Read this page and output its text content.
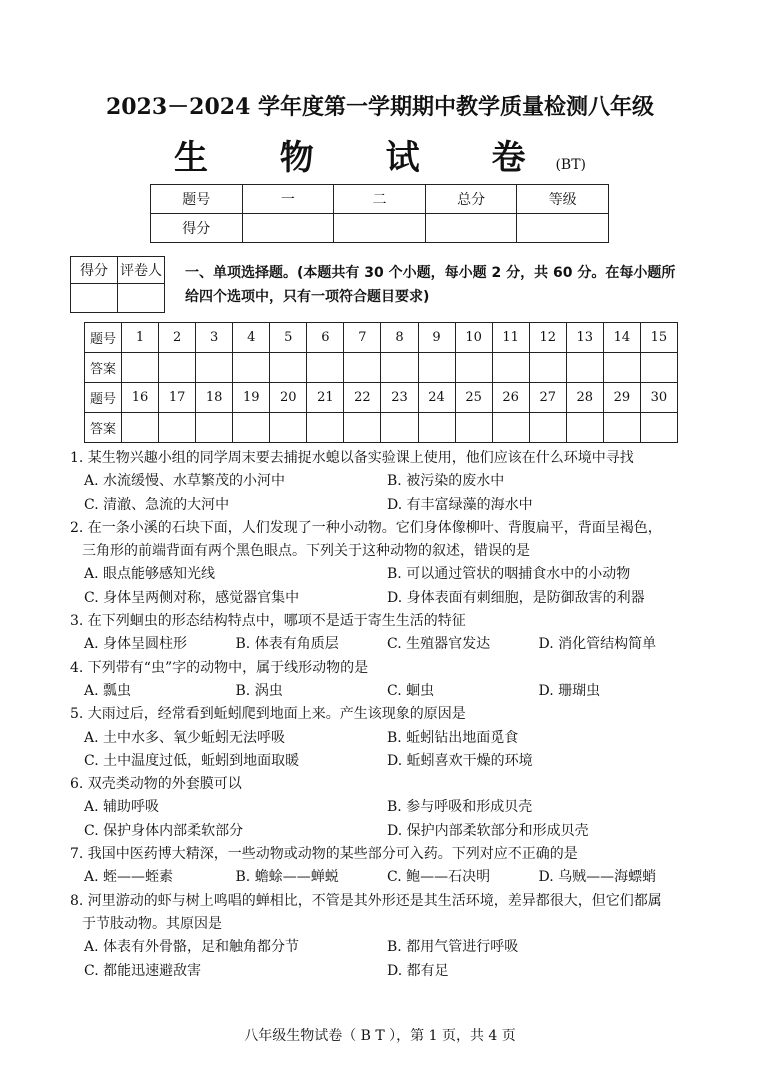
2023－2024 学年度第一学期期中教学质量检测八年级
生 物 试 卷(BT)
题号	一	二	总分	等级
得分				
得分	评卷人
	一、单项选择题。(本题共有 30 个小题，每小题 2 分，共 60 分。在每小题所
给四个选项中，只有一项符合题目要求)
题号	1	2	3	4	5	6	7	8	9	10	11	12	13	14	15
答案															
题号	16	17	18	19	20	21	22	23	24	25	26	27	28	29	30
答案															
1. 某生物兴趣小组的同学周末要去捕捉水螅以备实验课上使用，他们应该在什么环境中寻找
A. 水流缓慢、水草繁茂的小河中	B. 被污染的废水中
C. 清澈、急流的大河中	D. 有丰富绿藻的海水中
2. 在一条小溪的石块下面，人们发现了一种小动物。它们身体像柳叶、背腹扁平，背面呈褐色，
三角形的前端背面有两个黑色眼点。下列关于这种动物的叙述，错误的是
A. 眼点能够感知光线	B. 可以通过管状的咽捕食水中的小动物
C. 身体呈两侧对称，感觉器官集中	D. 身体表面有刺细胞，是防御敌害的利器
3. 在下列蛔虫的形态结构特点中，哪项不是适于寄生生活的特征
A. 身体呈圆柱形	B. 体表有角质层	C. 生殖器官发达	D. 消化管结构简单
4. 下列带有“虫”字的动物中，属于线形动物的是
A. 瓢虫	B. 涡虫	C. 蛔虫	D. 珊瑚虫
5. 大雨过后，经常看到蚯蚓爬到地面上来。产生该现象的原因是
A. 土中水多、氧少蚯蚓无法呼吸	B. 蚯蚓钻出地面觅食
C. 土中温度过低，蚯蚓到地面取暖	D. 蚯蚓喜欢干燥的环境
6. 双壳类动物的外套膜可以
A. 辅助呼吸	B. 参与呼吸和形成贝壳
C. 保护身体内部柔软部分	D. 保护内部柔软部分和形成贝壳
7. 我国中医药博大精深，一些动物或动物的某些部分可入药。下列对应不正确的是
A. 蛭——蛭素	B. 蟾蜍——蝉蜕	C. 鲍——石决明	D. 乌贼——海螵蛸
8. 河里游动的虾与树上鸣唱的蝉相比，不管是其外形还是其生活环境，差异都很大，但它们都属
于节肢动物。其原因是
A. 体表有外骨骼，足和触角都分节	B. 都用气管进行呼吸
C. 都能迅速避敌害	D. 都有足
八年级生物试卷（ B T ），第 1 页，共 4 页
